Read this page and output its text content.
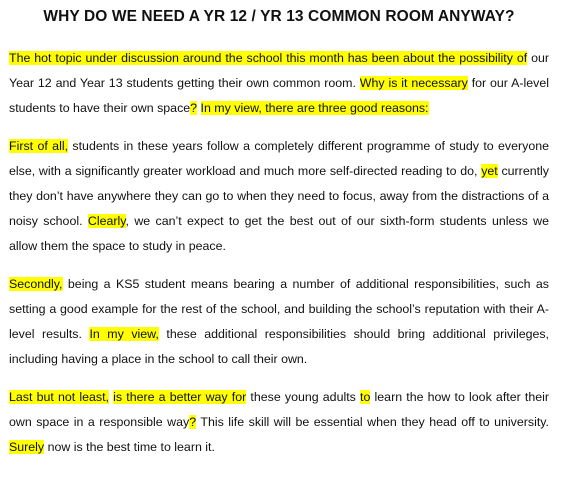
WHY DO WE NEED A YR 12 / YR 13 COMMON ROOM ANYWAY?

The hot topic under discussion around the school this month has been about the possibility of our Year 12 and Year 13 students getting their own common room. Why is it necessary for our A-level students to have their own space? In my view, there are three good reasons:

First of all, students in these years follow a completely different programme of study to everyone else, with a significantly greater workload and much more self-directed reading to do, yet currently they don’t have anywhere they can go to when they need to focus, away from the distractions of a noisy school. Clearly, we can’t expect to get the best out of our sixth-form students unless we allow them the space to study in peace.

Secondly, being a KS5 student means bearing a number of additional responsibilities, such as setting a good example for the rest of the school, and building the school’s reputation with their A-level results. In my view, these additional responsibilities should bring additional privileges, including having a place in the school to call their own.

Last but not least, is there a better way for these young adults to learn the how to look after their own space in a responsible way? This life skill will be essential when they head off to university. Surely now is the best time to learn it.
